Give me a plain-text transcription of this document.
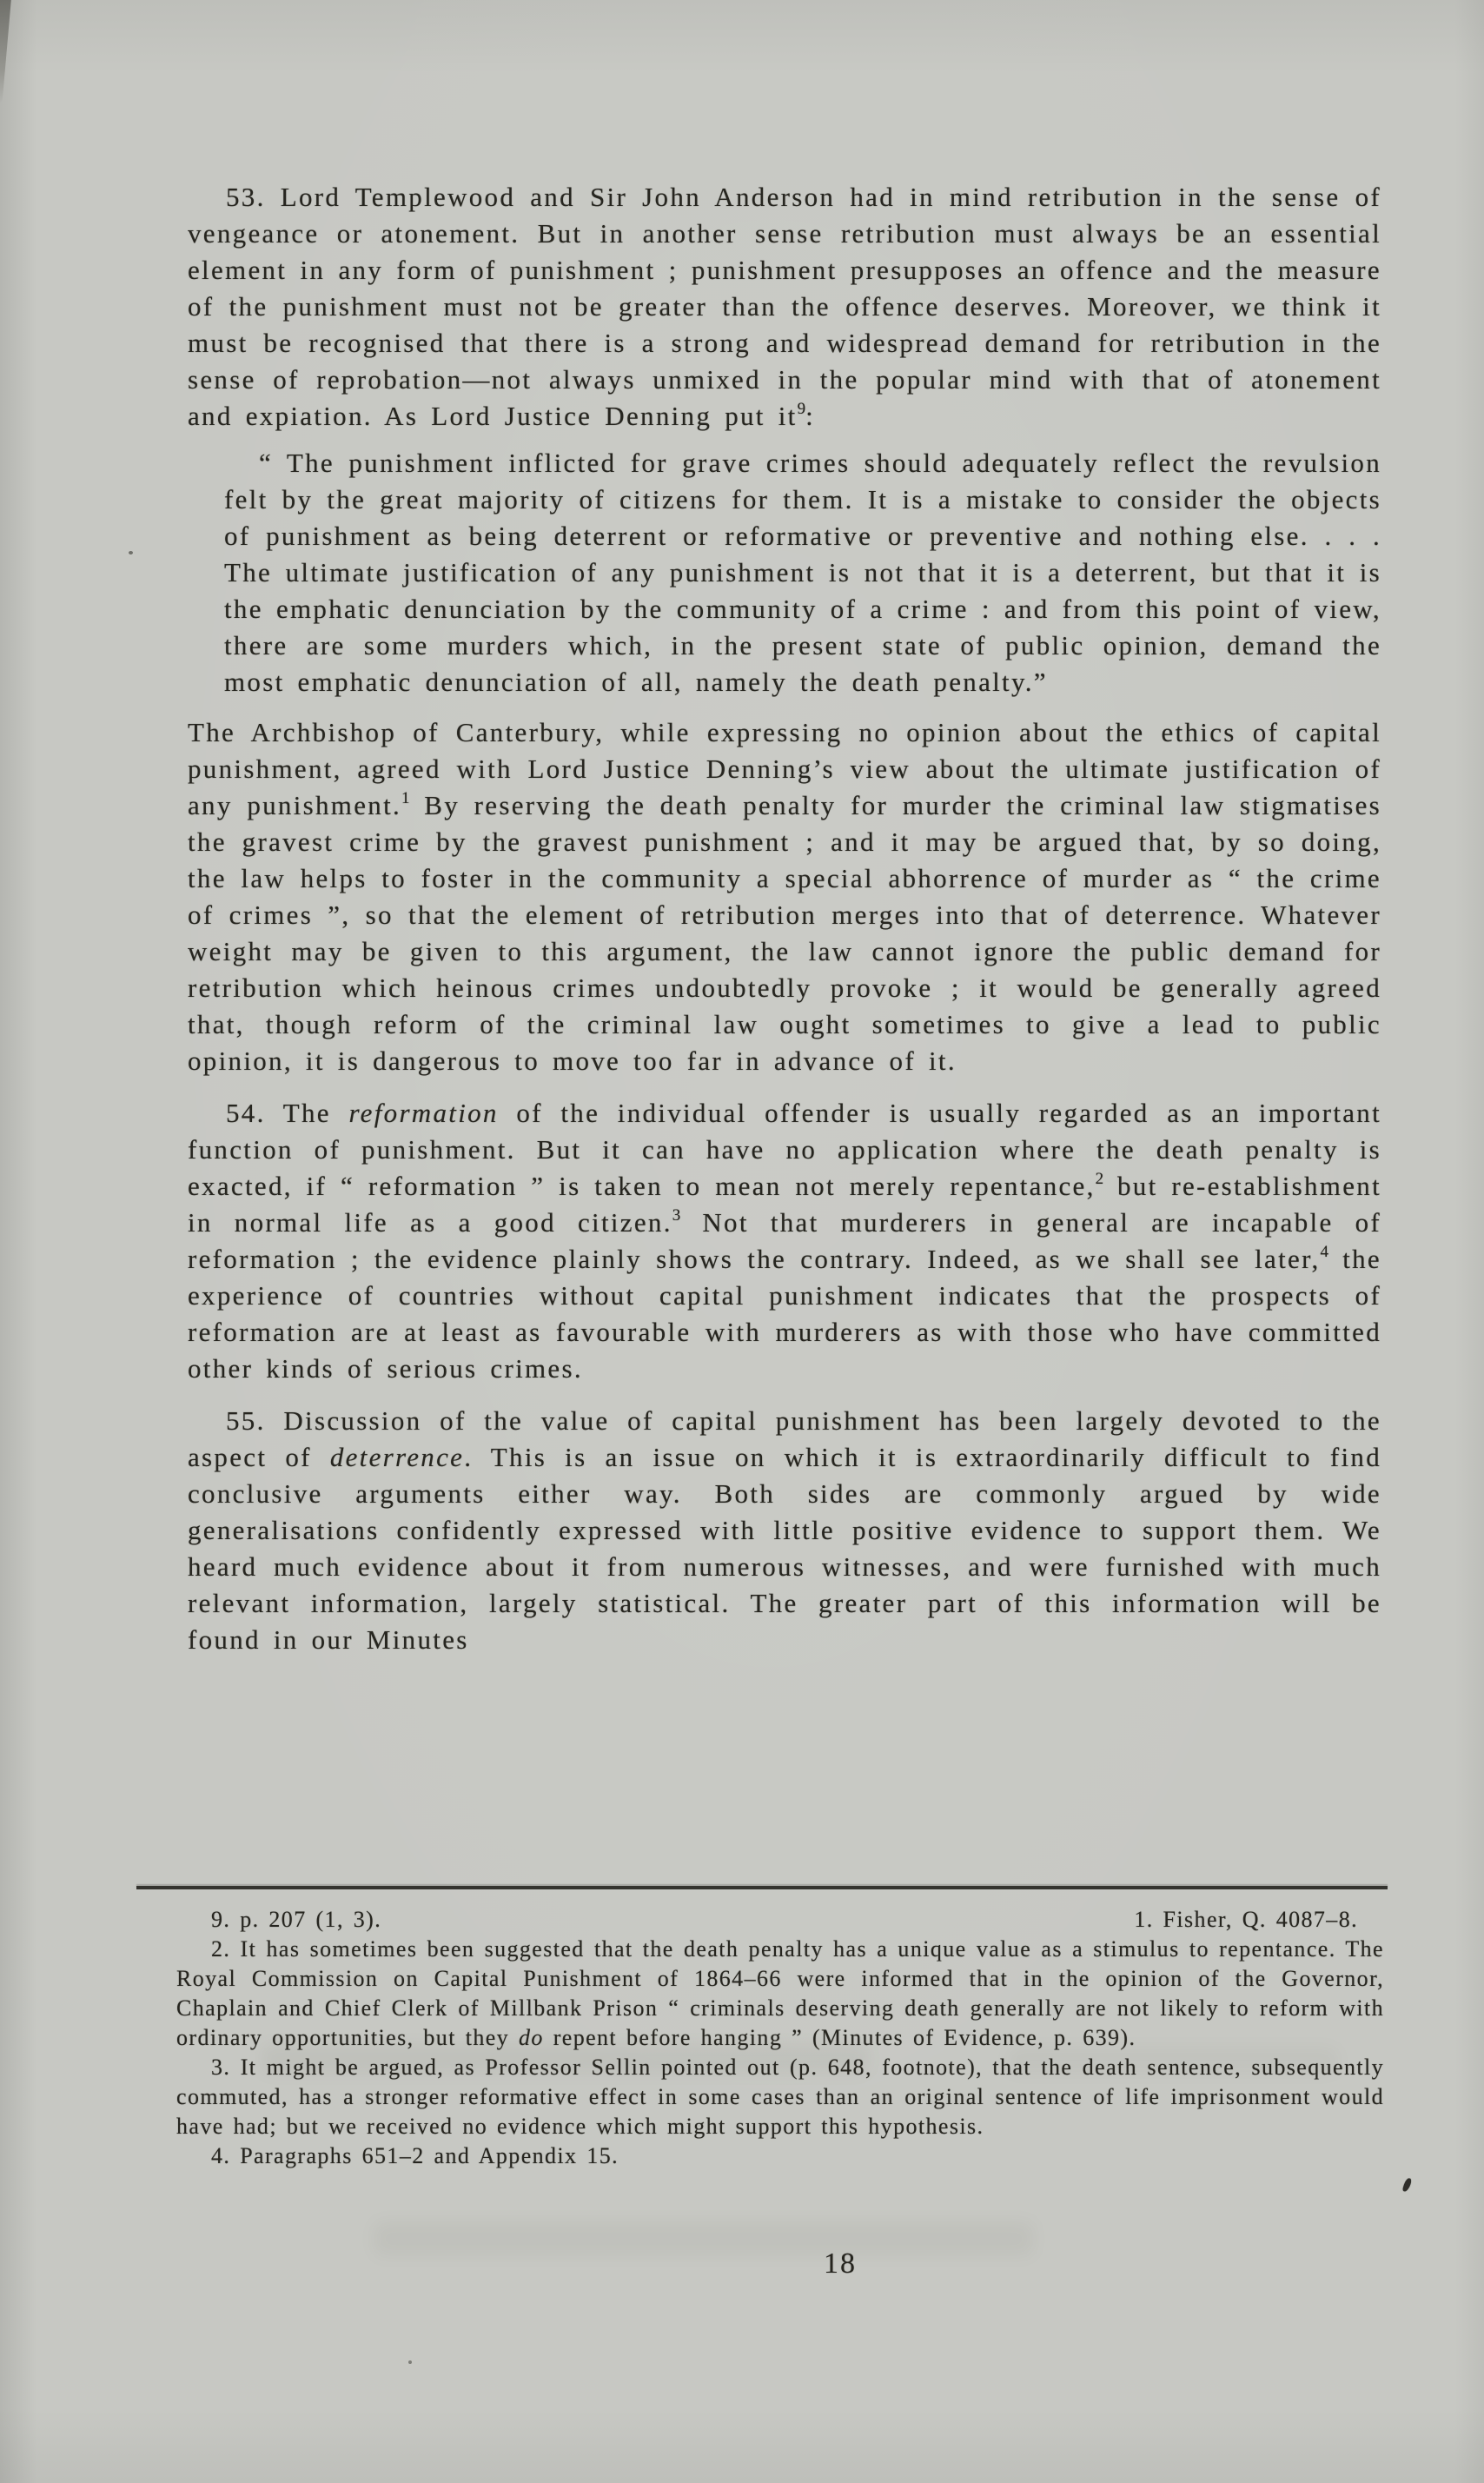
53. Lord Templewood and Sir John Anderson had in mind retribution in the sense of vengeance or atonement. But in another sense retribution must always be an essential element in any form of punishment ; punishment presupposes an offence and the measure of the punishment must not be greater than the offence deserves. Moreover, we think it must be recognised that there is a strong and widespread demand for retribution in the sense of reprobation—not always unmixed in the popular mind with that of atonement and expiation. As Lord Justice Denning put it$^9$:

“ The punishment inflicted for grave crimes should adequately reflect the revulsion felt by the great majority of citizens for them. It is a mistake to consider the objects of punishment as being deterrent or reformative or preventive and nothing else. . . . The ultimate justification of any punishment is not that it is a deterrent, but that it is the emphatic denunciation by the community of a crime : and from this point of view, there are some murders which, in the present state of public opinion, demand the most emphatic denunciation of all, namely the death penalty.”

The Archbishop of Canterbury, while expressing no opinion about the ethics of capital punishment, agreed with Lord Justice Denning’s view about the ultimate justification of any punishment.$^1$ By reserving the death penalty for murder the criminal law stigmatises the gravest crime by the gravest punishment ; and it may be argued that, by so doing, the law helps to foster in the community a special abhorrence of murder as “ the crime of crimes ”, so that the element of retribution merges into that of deterrence. Whatever weight may be given to this argument, the law cannot ignore the public demand for retribution which heinous crimes undoubtedly provoke ; it would be generally agreed that, though reform of the criminal law ought sometimes to give a lead to public opinion, it is dangerous to move too far in advance of it.

54. The reformation of the individual offender is usually regarded as an important function of punishment. But it can have no application where the death penalty is exacted, if “ reformation ” is taken to mean not merely repentance,$^2$ but re-establishment in normal life as a good citizen.$^3$ Not that murderers in general are incapable of reformation ; the evidence plainly shows the contrary. Indeed, as we shall see later,$^4$ the experience of countries without capital punishment indicates that the prospects of reformation are at least as favourable with murderers as with those who have committed other kinds of serious crimes.

55. Discussion of the value of capital punishment has been largely devoted to the aspect of deterrence. This is an issue on which it is extraordinarily difficult to find conclusive arguments either way. Both sides are commonly argued by wide generalisations confidently expressed with little positive evidence to support them. We heard much evidence about it from numerous witnesses, and were furnished with much relevant information, largely statistical. The greater part of this information will be found in our Minutes

9. p. 207 (1, 3).	1. Fisher, Q. 4087–8.

2. It has sometimes been suggested that the death penalty has a unique value as a stimulus to repentance. The Royal Commission on Capital Punishment of 1864–66 were informed that in the opinion of the Governor, Chaplain and Chief Clerk of Millbank Prison “ criminals deserving death generally are not likely to reform with ordinary opportunities, but they do repent before hanging ” (Minutes of Evidence, p. 639).

3. It might be argued, as Professor Sellin pointed out (p. 648, footnote), that the death sentence, subsequently commuted, has a stronger reformative effect in some cases than an original sentence of life imprisonment would have had; but we received no evidence which might support this hypothesis.

4. Paragraphs 651–2 and Appendix 15.

18
